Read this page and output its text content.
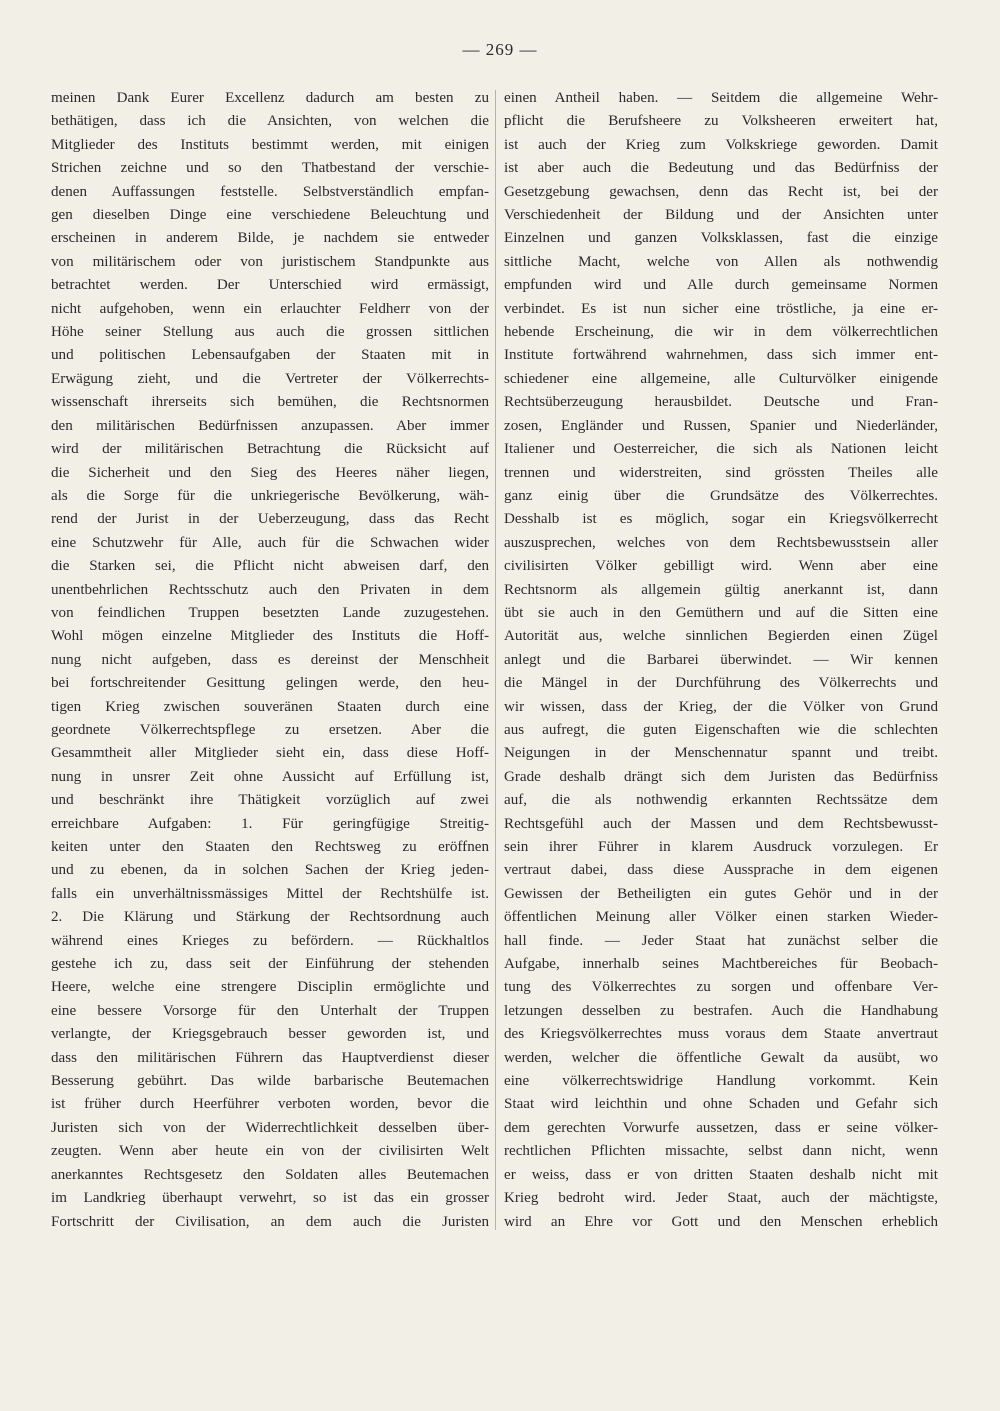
— 269 —
meinen Dank Eurer Excellenz dadurch am besten zu
bethätigen, dass ich die Ansichten, von welchen die
Mitglieder des Instituts bestimmt werden, mit einigen
Strichen zeichne und so den Thatbestand der verschie-
denen Auffassungen feststelle. Selbstverständlich empfan-
gen dieselben Dinge eine verschiedene Beleuchtung und
erscheinen in anderem Bilde, je nachdem sie entweder
von militärischem oder von juristischem Standpunkte aus
betrachtet werden. Der Unterschied wird ermässigt,
nicht aufgehoben, wenn ein erlauchter Feldherr von der
Höhe seiner Stellung aus auch die grossen sittlichen
und politischen Lebensaufgaben der Staaten mit in
Erwägung zieht, und die Vertreter der Völkerrechts-
wissenschaft ihrerseits sich bemühen, die Rechtsnormen
den militärischen Bedürfnissen anzupassen. Aber immer
wird der militärischen Betrachtung die Rücksicht auf
die Sicherheit und den Sieg des Heeres näher liegen,
als die Sorge für die unkriegerische Bevölkerung, wäh-
rend der Jurist in der Ueberzeugung, dass das Recht
eine Schutzwehr für Alle, auch für die Schwachen wider
die Starken sei, die Pflicht nicht abweisen darf, den
unentbehrlichen Rechtsschutz auch den Privaten in dem
von feindlichen Truppen besetzten Lande zuzugestehen.
Wohl mögen einzelne Mitglieder des Instituts die Hoff-
nung nicht aufgeben, dass es dereinst der Menschheit
bei fortschreitender Gesittung gelingen werde, den heu-
tigen Krieg zwischen souveränen Staaten durch eine
geordnete Völkerrechtspflege zu ersetzen. Aber die
Gesammtheit aller Mitglieder sieht ein, dass diese Hoff-
nung in unsrer Zeit ohne Aussicht auf Erfüllung ist,
und beschränkt ihre Thätigkeit vorzüglich auf zwei
erreichbare Aufgaben: 1. Für geringfügige Streitig-
keiten unter den Staaten den Rechtsweg zu eröffnen
und zu ebenen, da in solchen Sachen der Krieg jeden-
falls ein unverhältnissmässiges Mittel der Rechtshülfe ist.
2. Die Klärung und Stärkung der Rechtsordnung auch
während eines Krieges zu befördern. — Rückhaltlos
gestehe ich zu, dass seit der Einführung der stehenden
Heere, welche eine strengere Disciplin ermöglichte und
eine bessere Vorsorge für den Unterhalt der Truppen
verlangte, der Kriegsgebrauch besser geworden ist, und
dass den militärischen Führern das Hauptverdienst dieser
Besserung gebührt. Das wilde barbarische Beutemachen
ist früher durch Heerführer verboten worden, bevor die
Juristen sich von der Widerrechtlichkeit desselben über-
zeugten. Wenn aber heute ein von der civilisirten Welt
anerkanntes Rechtsgesetz den Soldaten alles Beutemachen
im Landkrieg überhaupt verwehrt, so ist das ein grosser
Fortschritt der Civilisation, an dem auch die Juristen
einen Antheil haben. — Seitdem die allgemeine Wehr-
pflicht die Berufsheere zu Volksheeren erweitert hat,
ist auch der Krieg zum Volkskriege geworden. Damit
ist aber auch die Bedeutung und das Bedürfniss der
Gesetzgebung gewachsen, denn das Recht ist, bei der
Verschiedenheit der Bildung und der Ansichten unter
Einzelnen und ganzen Volksklassen, fast die einzige
sittliche Macht, welche von Allen als nothwendig
empfunden wird und Alle durch gemeinsame Normen
verbindet. Es ist nun sicher eine tröstliche, ja eine er-
hebende Erscheinung, die wir in dem völkerrechtlichen
Institute fortwährend wahrnehmen, dass sich immer ent-
schiedener eine allgemeine, alle Culturvölker einigende
Rechtsüberzeugung herausbildet. Deutsche und Fran-
zosen, Engländer und Russen, Spanier und Niederländer,
Italiener und Oesterreicher, die sich als Nationen leicht
trennen und widerstreiten, sind grössten Theiles alle
ganz einig über die Grundsätze des Völkerrechtes.
Desshalb ist es möglich, sogar ein Kriegsvölkerrecht
auszusprechen, welches von dem Rechtsbewusstsein aller
civilisirten Völker gebilligt wird. Wenn aber eine
Rechtsnorm als allgemein gültig anerkannt ist, dann
übt sie auch in den Gemüthern und auf die Sitten eine
Autorität aus, welche sinnlichen Begierden einen Zügel
anlegt und die Barbarei überwindet. — Wir kennen
die Mängel in der Durchführung des Völkerrechts und
wir wissen, dass der Krieg, der die Völker von Grund
aus aufregt, die guten Eigenschaften wie die schlechten
Neigungen in der Menschennatur spannt und treibt.
Grade deshalb drängt sich dem Juristen das Bedürfniss
auf, die als nothwendig erkannten Rechtssätze dem
Rechtsgefühl auch der Massen und dem Rechtsbewusst-
sein ihrer Führer in klarem Ausdruck vorzulegen. Er
vertraut dabei, dass diese Aussprache in dem eigenen
Gewissen der Betheiligten ein gutes Gehör und in der
öffentlichen Meinung aller Völker einen starken Wieder-
hall finde. — Jeder Staat hat zunächst selber die
Aufgabe, innerhalb seines Machtbereiches für Beobach-
tung des Völkerrechtes zu sorgen und offenbare Ver-
letzungen desselben zu bestrafen. Auch die Handhabung
des Kriegsvölkerrechtes muss voraus dem Staate anvertraut
werden, welcher die öffentliche Gewalt da ausübt, wo
eine völkerrechtswidrige Handlung vorkommt. Kein
Staat wird leichthin und ohne Schaden und Gefahr sich
dem gerechten Vorwurfe aussetzen, dass er seine völker-
rechtlichen Pflichten missachte, selbst dann nicht, wenn
er weiss, dass er von dritten Staaten deshalb nicht mit
Krieg bedroht wird. Jeder Staat, auch der mächtigste,
wird an Ehre vor Gott und den Menschen erheblich
